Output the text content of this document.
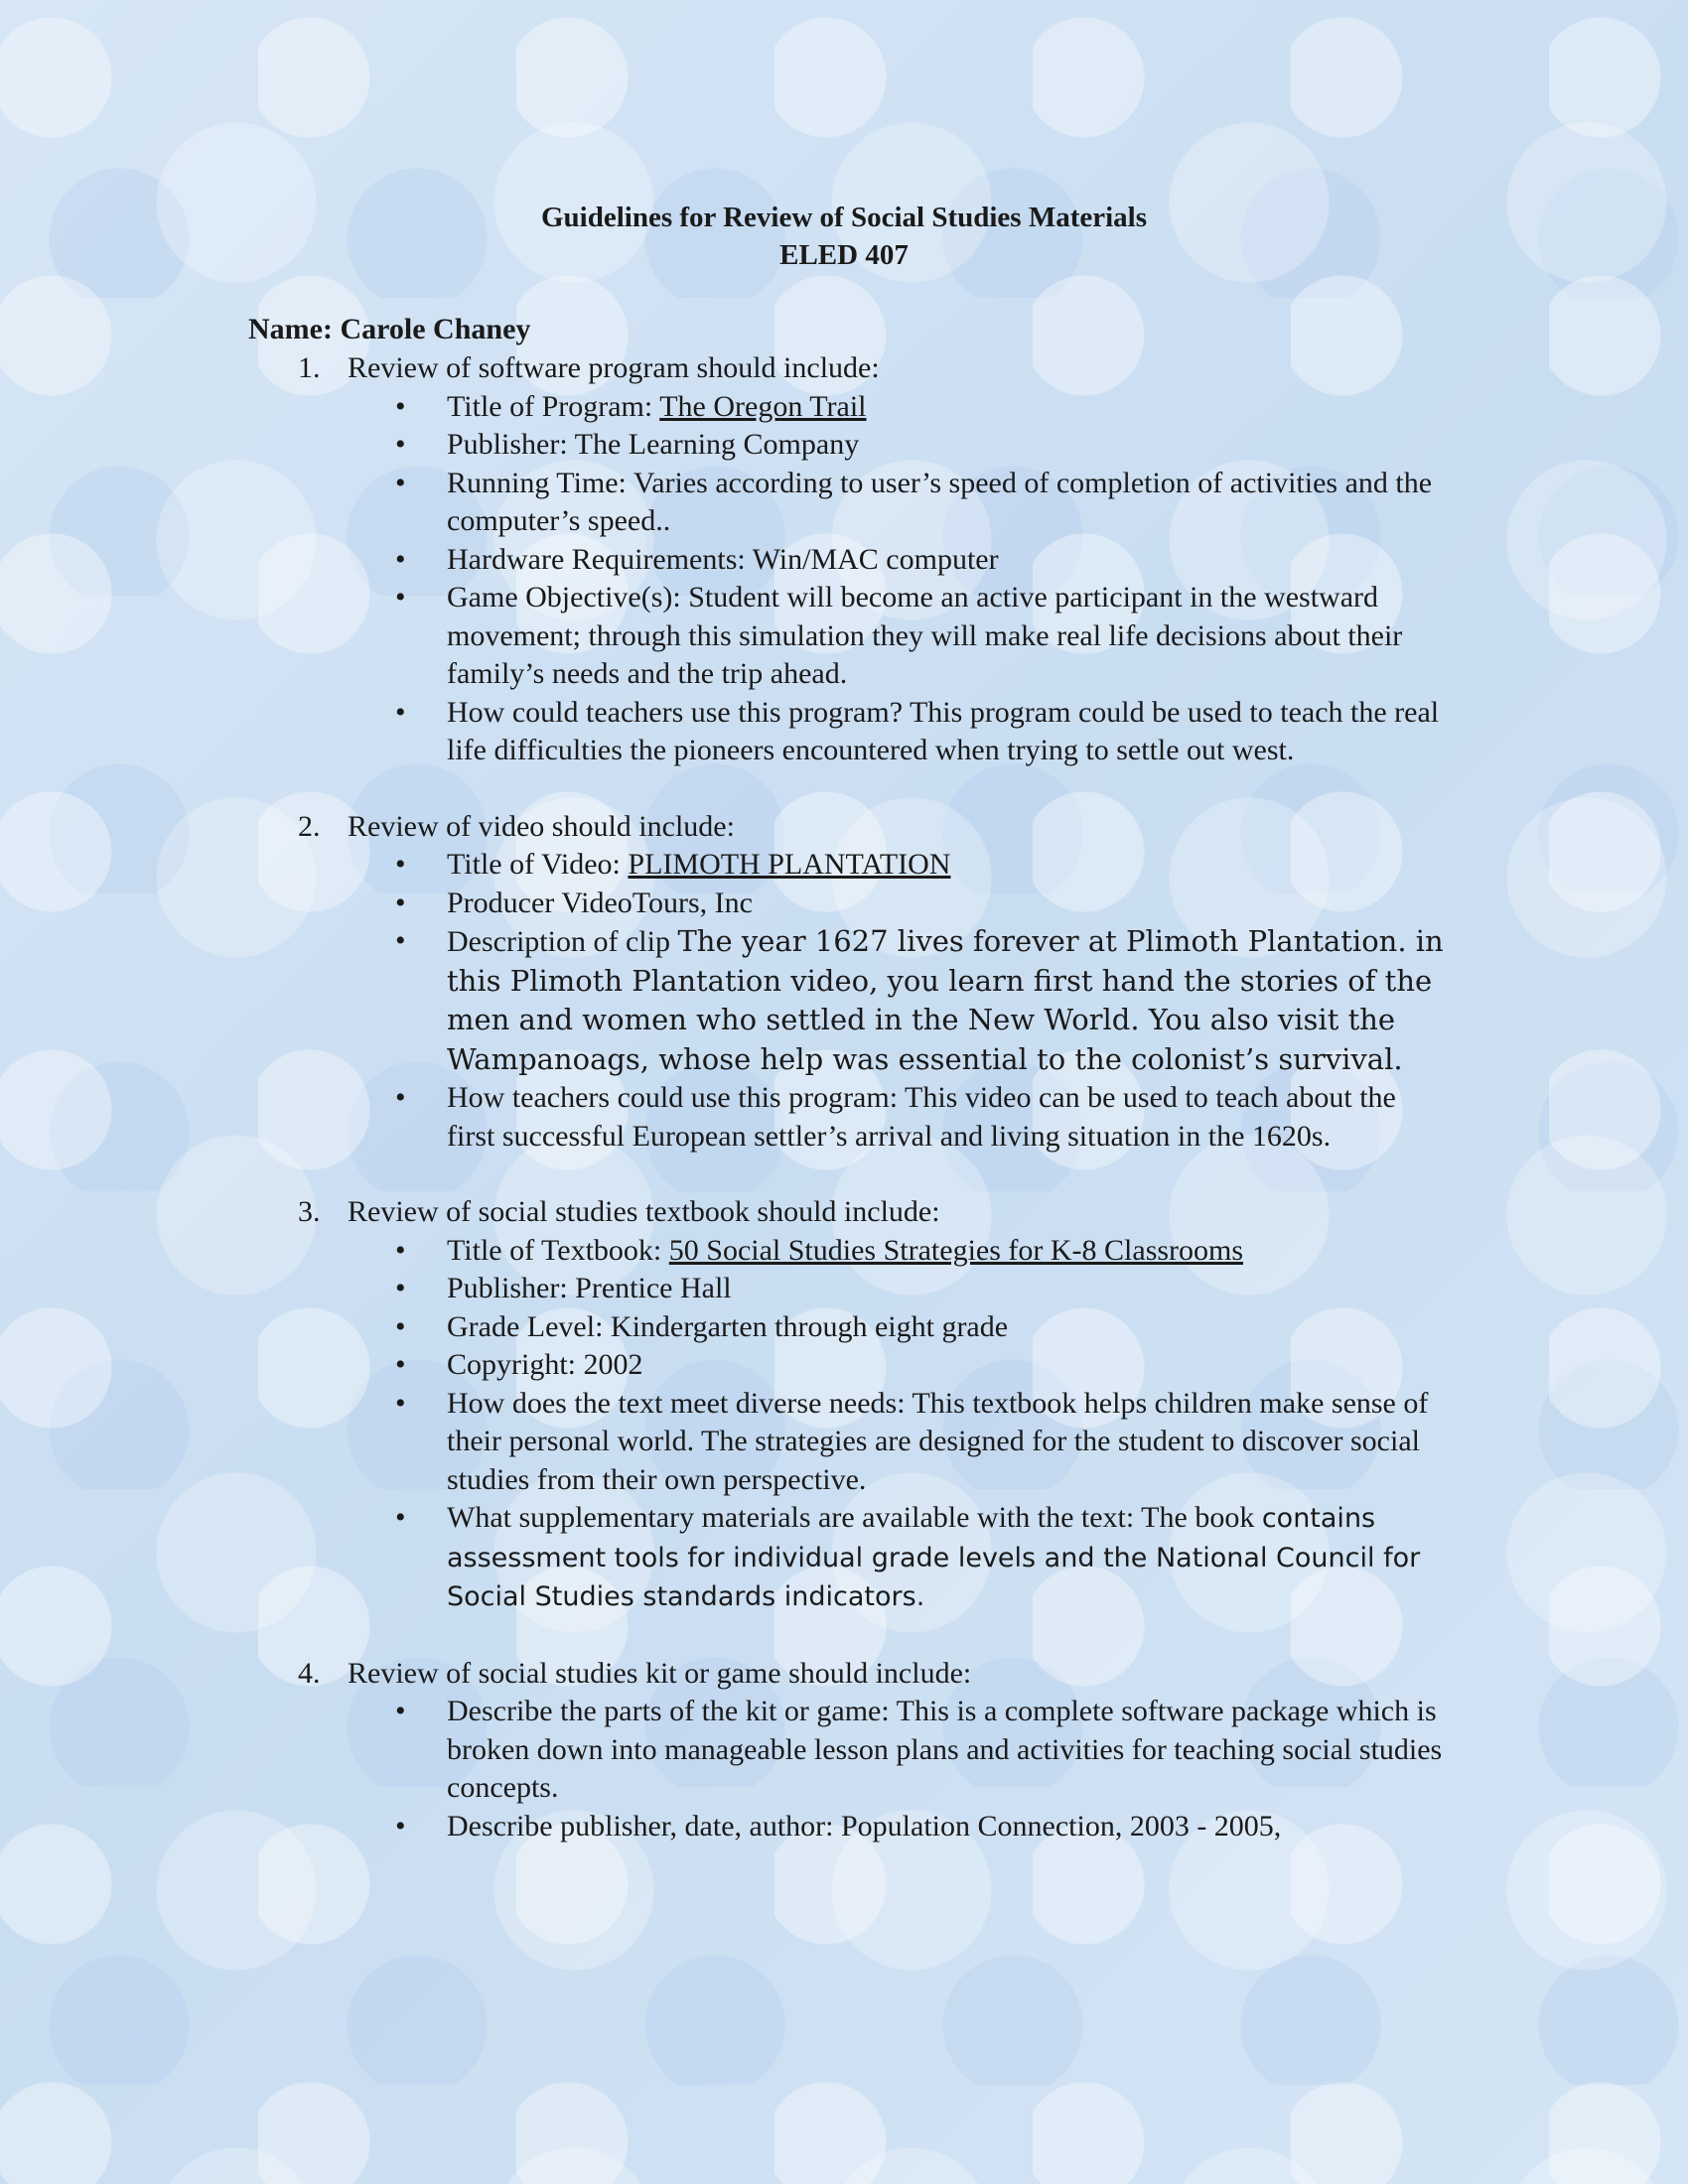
Guidelines for Review of Social Studies Materials
ELED 407
Name: Carole Chaney
1. Review of software program should include:
• Title of Program: The Oregon Trail
• Publisher: The Learning Company
• Running Time: Varies according to user’s speed of completion of activities and the computer’s speed..
• Hardware Requirements: Win/MAC computer
• Game Objective(s): Student will become an active participant in the westward movement; through this simulation they will make real life decisions about their family’s needs and the trip ahead.
• How could teachers use this program? This program could be used to teach the real life difficulties the pioneers encountered when trying to settle out west.
2. Review of video should include:
• Title of Video: PLIMOTH PLANTATION
• Producer VideoTours, Inc
• Description of clip The year 1627 lives forever at Plimoth Plantation. in this Plimoth Plantation video, you learn first hand the stories of the men and women who settled in the New World. You also visit the Wampanoags, whose help was essential to the colonist’s survival.
• How teachers could use this program: This video can be used to teach about the first successful European settler’s arrival and living situation in the 1620s.
3. Review of social studies textbook should include:
• Title of Textbook: 50 Social Studies Strategies for K-8 Classrooms
• Publisher: Prentice Hall
• Grade Level: Kindergarten through eight grade
• Copyright: 2002
• How does the text meet diverse needs: This textbook helps children make sense of their personal world. The strategies are designed for the student to discover social studies from their own perspective.
• What supplementary materials are available with the text: The book contains assessment tools for individual grade levels and the National Council for Social Studies standards indicators.
4. Review of social studies kit or game should include:
• Describe the parts of the kit or game: This is a complete software package which is broken down into manageable lesson plans and activities for teaching social studies concepts.
• Describe publisher, date, author: Population Connection, 2003 - 2005,
